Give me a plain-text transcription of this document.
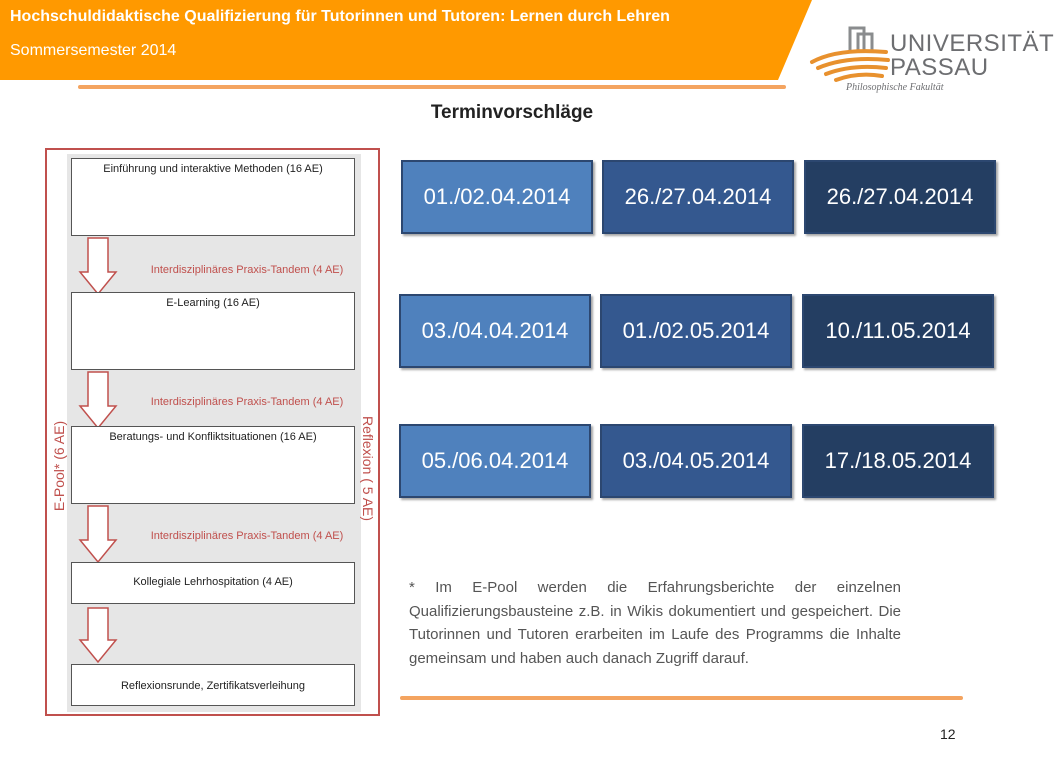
Hochschuldidaktische Qualifizierung für Tutorinnen und Tutoren: Lernen durch Lehren
Sommersemester 2014	UNIVERSITÄT
PASSAU
Philosophische Fakultät
Terminvorschläge
Einführung und interaktive Methoden (16 AE)
Interdisziplinäres Praxis-Tandem (4 AE)
E-Learning (16 AE)
Interdisziplinäres Praxis-Tandem (4 AE)
Beratungs- und Konfliktsituationen (16 AE)
Interdisziplinäres Praxis-Tandem (4 AE)
Kollegiale Lehrhospitation (4 AE)
Reflexionsrunde, Zertifikatsverleihung
E-Pool* (6 AE)	Reflexion ( 5 AE)
01./02.04.2014	26./27.04.2014	26./27.04.2014
03./04.04.2014	01./02.05.2014	10./11.05.2014
05./06.04.2014	03./04.05.2014	17./18.05.2014
* Im E-Pool werden die Erfahrungsberichte der einzelnen Qualifizierungsbausteine z.B. in Wikis dokumentiert und gespeichert. Die Tutorinnen und Tutoren erarbeiten im Laufe des Programms die Inhalte gemeinsam und haben auch danach Zugriff darauf.
12
